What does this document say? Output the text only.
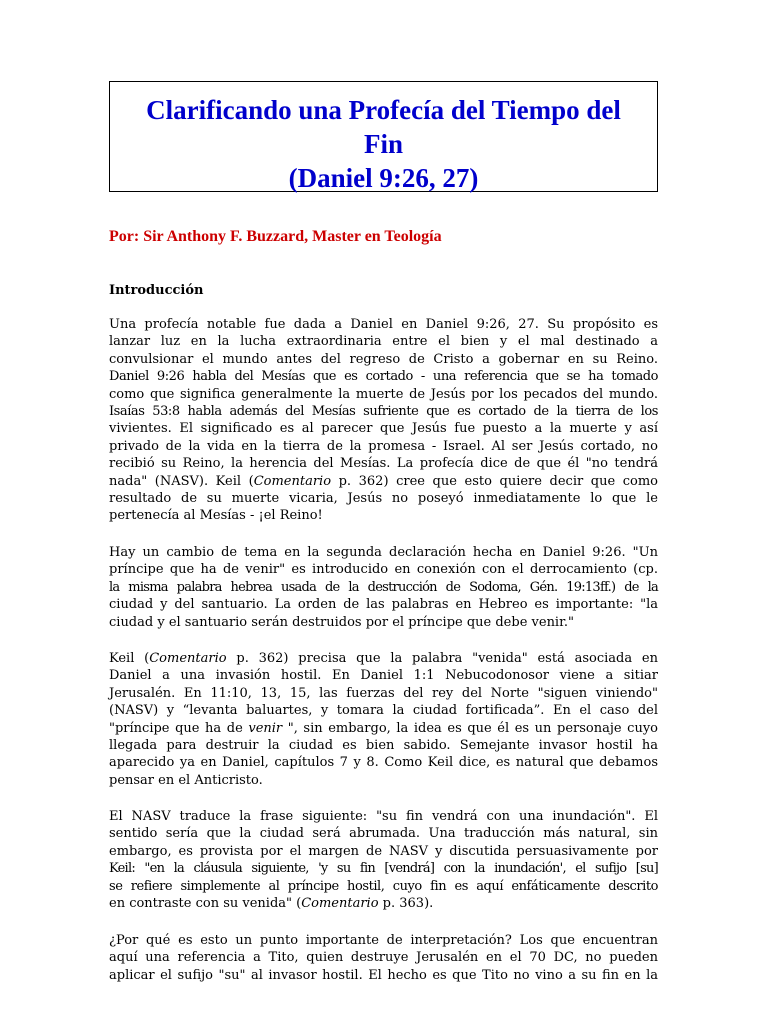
Clarificando una Profecía del Tiempo del
Fin
(Daniel 9:26, 27)
Por: Sir Anthony F. Buzzard, Master en Teología
Introducción
Una profecía notable fue dada a Daniel en Daniel 9:26, 27. Su propósito es
lanzar luz en la lucha extraordinaria entre el bien y el mal destinado a
convulsionar el mundo antes del regreso de Cristo a gobernar en su Reino.
Daniel 9:26 habla del Mesías que es cortado - una referencia que se ha tomado
como que significa generalmente la muerte de Jesús por los pecados del mundo.
Isaías 53:8 habla además del Mesías sufriente que es cortado de la tierra de los
vivientes. El significado es al parecer que Jesús fue puesto a la muerte y así
privado de la vida en la tierra de la promesa - Israel. Al ser Jesús cortado, no
recibió su Reino, la herencia del Mesías. La profecía dice de que él "no tendrá
nada" (NASV). Keil (Comentario p. 362) cree que esto quiere decir que como
resultado de su muerte vicaria, Jesús no poseyó inmediatamente lo que le
pertenecía al Mesías - ¡el Reino!
Hay un cambio de tema en la segunda declaración hecha en Daniel 9:26. "Un
príncipe que ha de venir" es introducido en conexión con el derrocamiento (cp.
la misma palabra hebrea usada de la destrucción de Sodoma, Gén. 19:13ff.) de la
ciudad y del santuario. La orden de las palabras en Hebreo es importante: "la
ciudad y el santuario serán destruidos por el príncipe que debe venir."
Keil (Comentario p. 362) precisa que la palabra "venida" está asociada en
Daniel a una invasión hostil. En Daniel 1:1 Nebucodonosor viene a sitiar
Jerusalén. En 11:10, 13, 15, las fuerzas del rey del Norte "siguen viniendo"
(NASV) y “levanta baluartes, y tomara la ciudad fortificada”. En el caso del
"príncipe que ha de venir ", sin embargo, la idea es que él es un personaje cuyo
llegada para destruir la ciudad es bien sabido. Semejante invasor hostil ha
aparecido ya en Daniel, capítulos 7 y 8. Como Keil dice, es natural que debamos
pensar en el Anticristo.
El NASV traduce la frase siguiente: "su fin vendrá con una inundación". El
sentido sería que la ciudad será abrumada. Una traducción más natural, sin
embargo, es provista por el margen de NASV y discutida persuasivamente por
Keil: "en la cláusula siguiente, 'y su fin [vendrá] con la inundación', el sufijo [su]
se refiere simplemente al príncipe hostil, cuyo fin es aquí enfáticamente descrito
en contraste con su venida" (Comentario p. 363).
¿Por qué es esto un punto importante de interpretación? Los que encuentran
aquí una referencia a Tito, quien destruye Jerusalén en el 70 DC, no pueden
aplicar el sufijo "su" al invasor hostil. El hecho es que Tito no vino a su fin en la
